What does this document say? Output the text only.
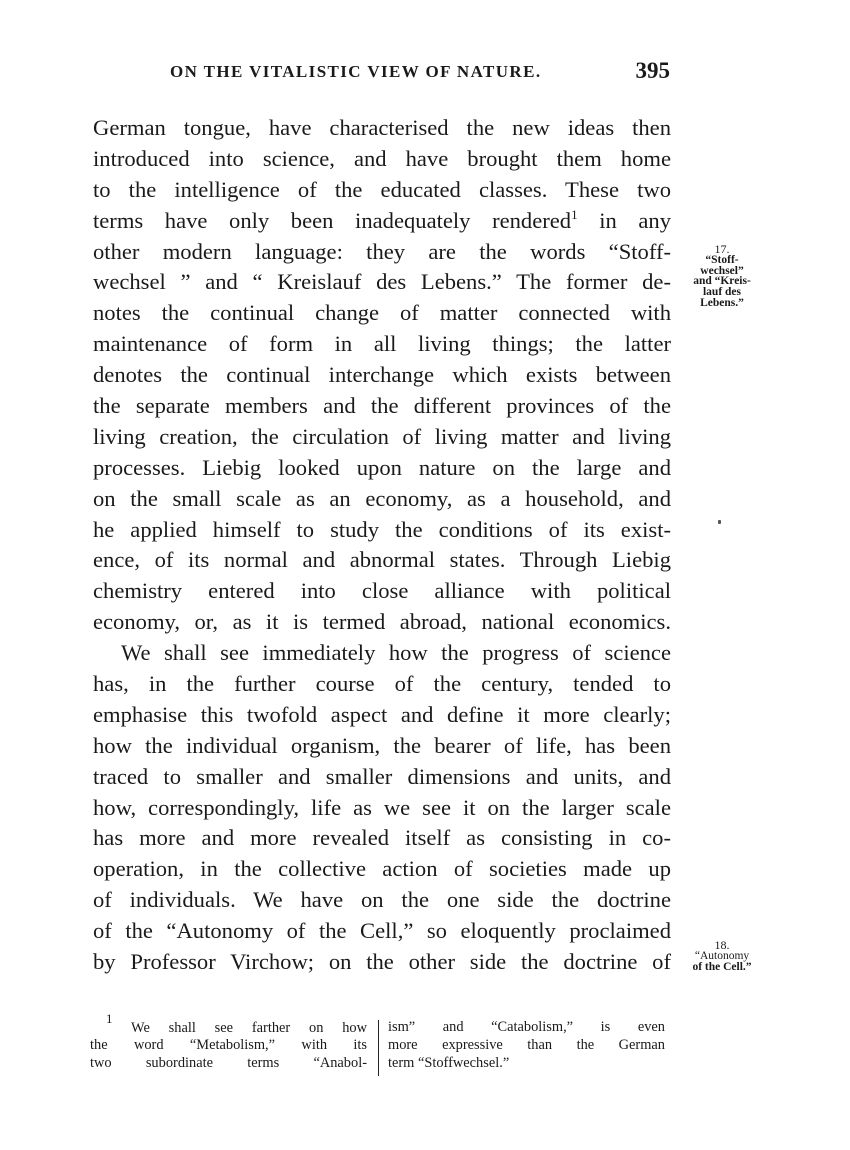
ON THE VITALISTIC VIEW OF NATURE.	395
German tongue, have characterised the new ideas then
introduced into science, and have brought them home
to the intelligence of the educated classes. These two
terms have only been inadequately rendered$^1$ in any
other modern language: they are the words “Stoff-
wechsel ” and “ Kreislauf des Lebens.” The former de-
notes the continual change of matter connected with
maintenance of form in all living things; the latter
denotes the continual interchange which exists between
the separate members and the different provinces of the
living creation, the circulation of living matter and living
processes. Liebig looked upon nature on the large and
on the small scale as an economy, as a household, and
he applied himself to study the conditions of its exist-
ence, of its normal and abnormal states. Through Liebig
chemistry entered into close alliance with political
economy, or, as it is termed abroad, national economics.
We shall see immediately how the progress of science
has, in the further course of the century, tended to
emphasise this twofold aspect and define it more clearly;
how the individual organism, the bearer of life, has been
traced to smaller and smaller dimensions and units, and
how, correspondingly, life as we see it on the larger scale
has more and more revealed itself as consisting in co-
operation, in the collective action of societies made up
of individuals. We have on the one side the doctrine
of the “Autonomy of the Cell,” so eloquently proclaimed
by Professor Virchow; on the other side the doctrine of
17.
“Stoff-
wechsel”
and “Kreis-
lauf des
Lebens.”
18.
“Autonomy
of the Cell.”
$^1$ We shall see farther on how
the word “Metabolism,” with its
two subordinate terms “Anabol-
ism” and “Catabolism,” is even
more expressive than the German
term “Stoffwechsel.”
